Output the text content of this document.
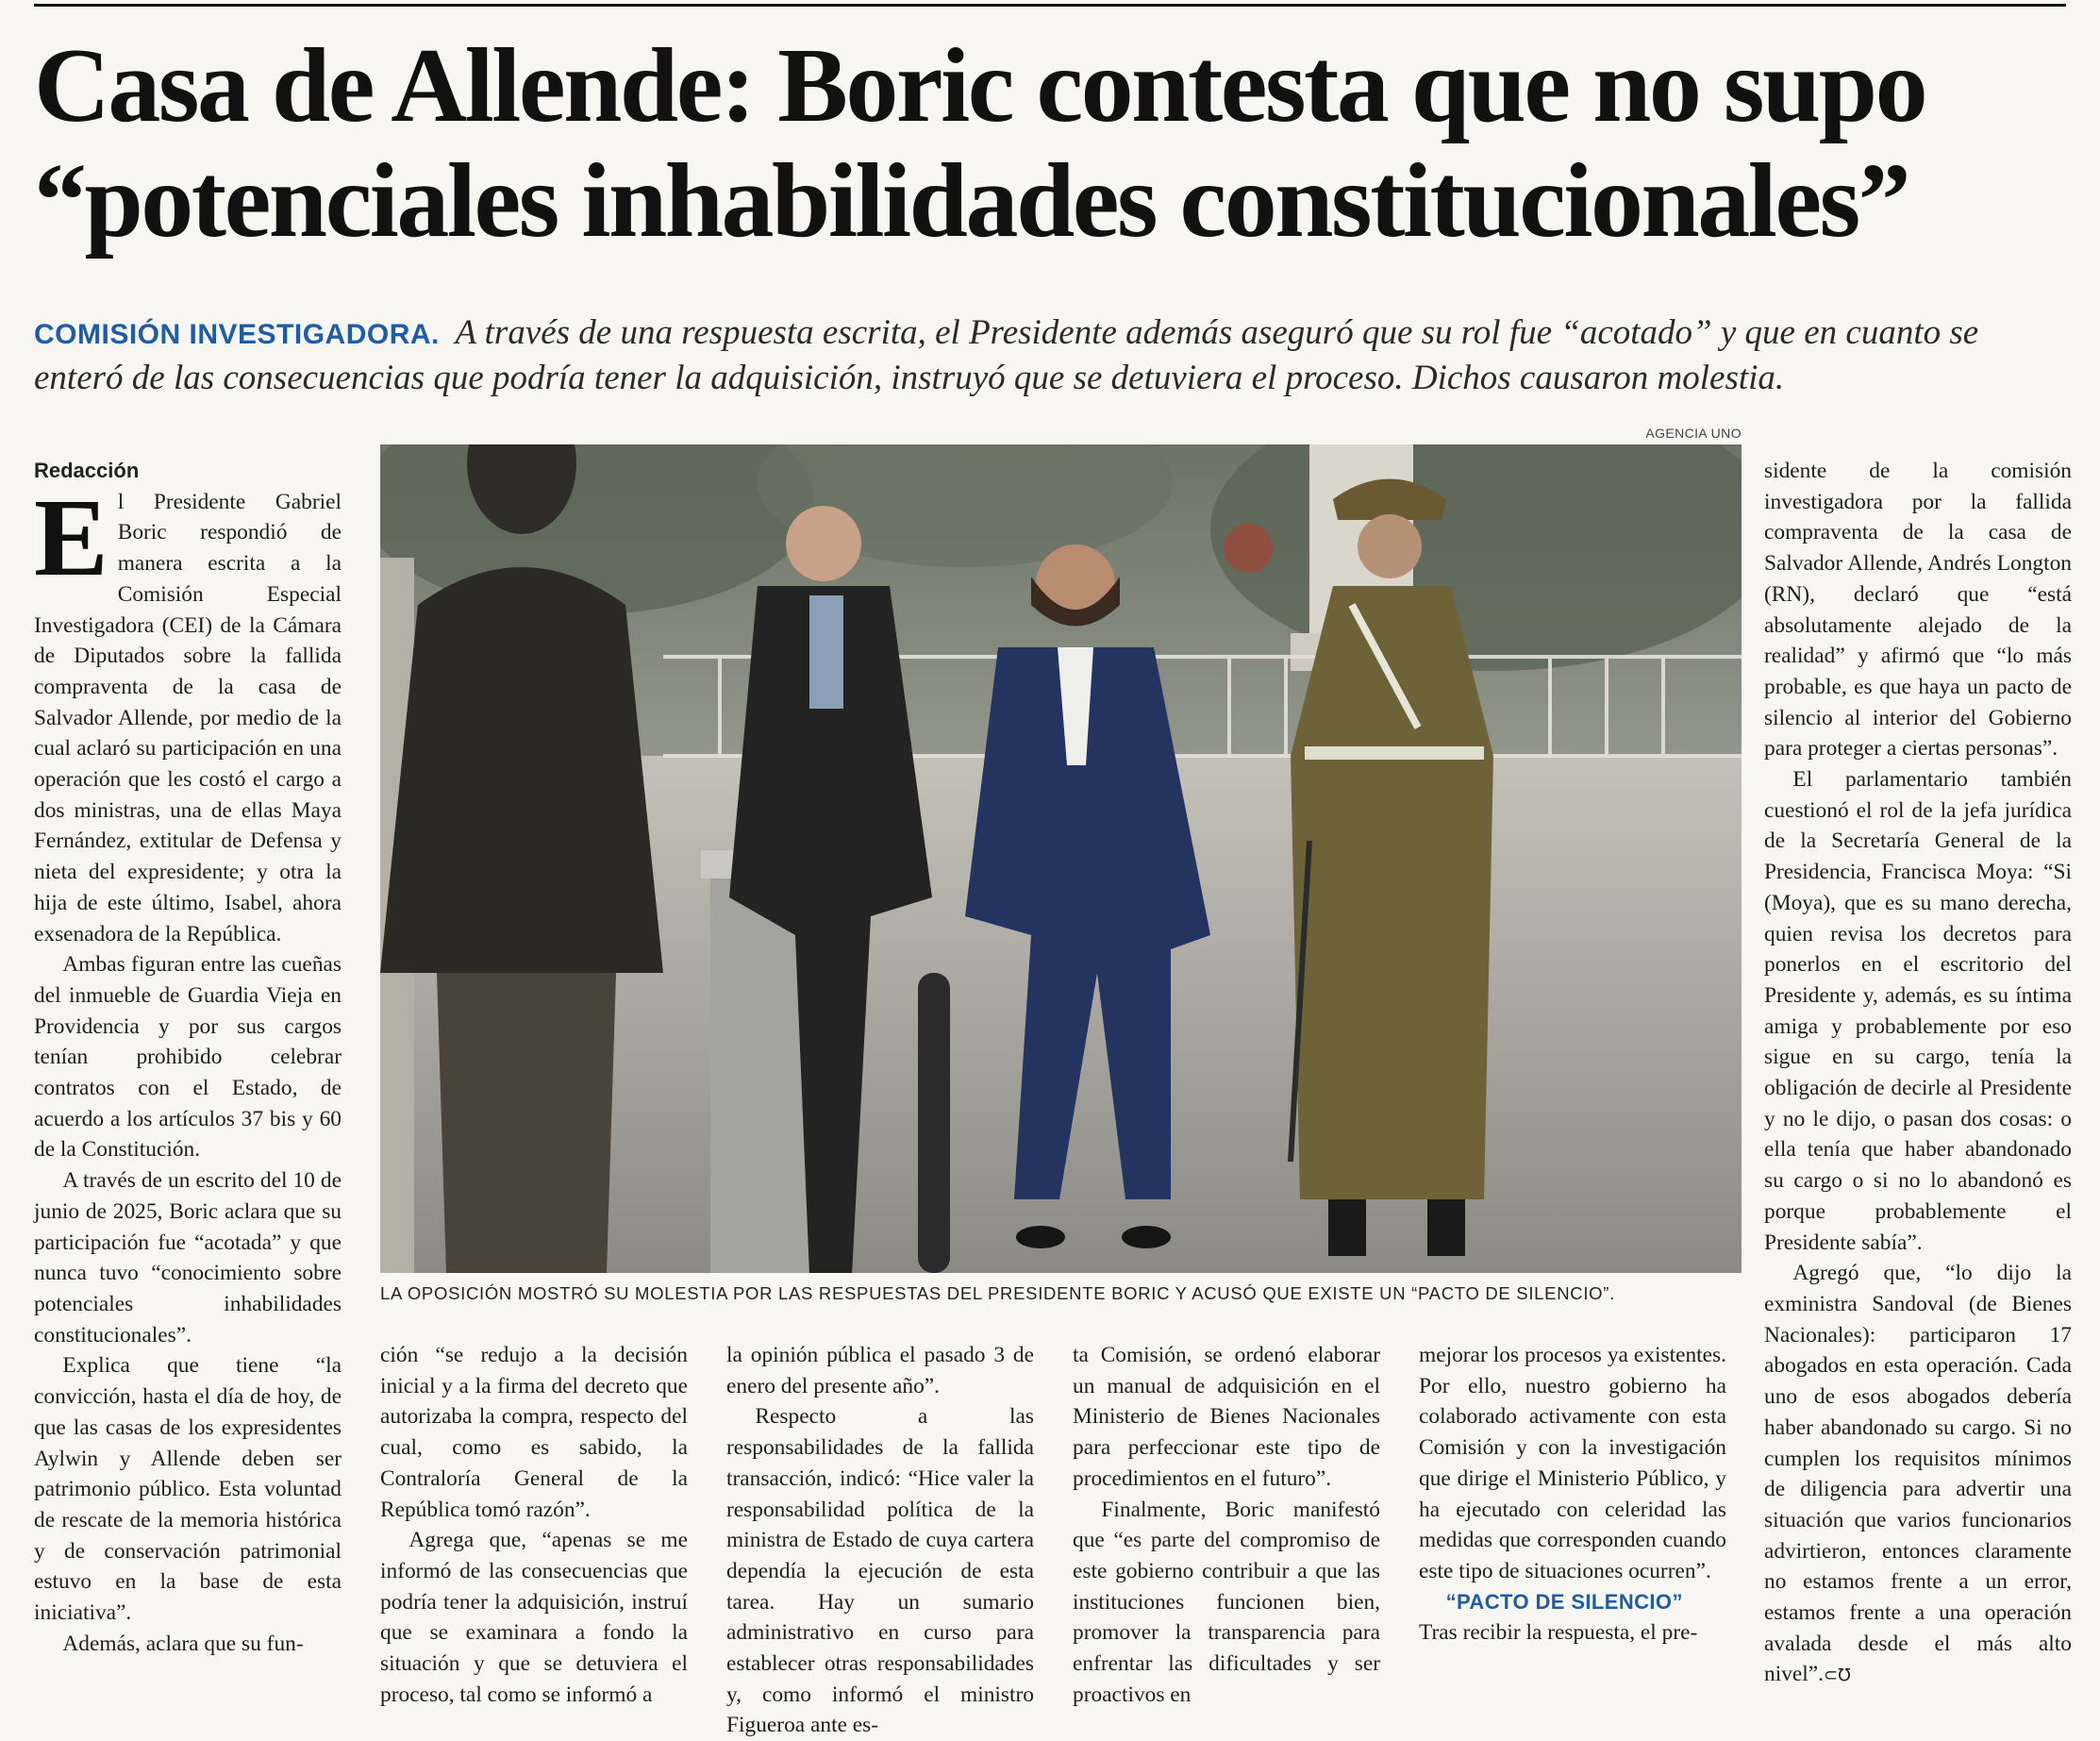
Casa de Allende: Boric contesta que no supo
“potenciales inhabilidades constitucionales”

COMISIÓN INVESTIGADORA. A través de una respuesta escrita, el Presidente además aseguró que su rol fue “acotado” y que en cuanto se enteró de las consecuencias que podría tener la adquisición, instruyó que se detuviera el proceso. Dichos causaron molestia.

Redacción

El Presidente Gabriel Boric respondió de manera escrita a la Comisión Especial Investigadora (CEI) de la Cámara de Diputados sobre la fallida compraventa de la casa de Salvador Allende, por medio de la cual aclaró su participación en una operación que les costó el cargo a dos ministras, una de ellas Maya Fernández, extitular de Defensa y nieta del expresidente; y otra la hija de este último, Isabel, ahora exsenadora de la República.

Ambas figuran entre las cueñas del inmueble de Guardia Vieja en Providencia y por sus cargos tenían prohibido celebrar contratos con el Estado, de acuerdo a los artículos 37 bis y 60 de la Constitución.

A través de un escrito del 10 de junio de 2025, Boric aclara que su participación fue “acotada” y que nunca tuvo “conocimiento sobre potenciales inhabilidades constitucionales”.

Explica que tiene “la convicción, hasta el día de hoy, de que las casas de los expresidentes Aylwin y Allende deben ser patrimonio público. Esta voluntad de rescate de la memoria histórica y de conservación patrimonial estuvo en la base de esta iniciativa”.

Además, aclara que su fun-

AGENCIA UNO
LA OPOSICIÓN MOSTRÓ SU MOLESTIA POR LAS RESPUESTAS DEL PRESIDENTE BORIC Y ACUSÓ QUE EXISTE UN “PACTO DE SILENCIO”.

ción “se redujo a la decisión inicial y a la firma del decreto que autorizaba la compra, respecto del cual, como es sabido, la Contraloría General de la República tomó razón”.

Agrega que, “apenas se me informó de las consecuencias que podría tener la adquisición, instruí que se examinara a fondo la situación y que se detuviera el proceso, tal como se informó a

la opinión pública el pasado 3 de enero del presente año”.

Respecto a las responsabilidades de la fallida transacción, indicó: “Hice valer la responsabilidad política de la ministra de Estado de cuya cartera dependía la ejecución de esta tarea. Hay un sumario administrativo en curso para establecer otras responsabilidades y, como informó el ministro Figueroa ante es-

ta Comisión, se ordenó elaborar un manual de adquisición en el Ministerio de Bienes Nacionales para perfeccionar este tipo de procedimientos en el futuro”.

Finalmente, Boric manifestó que “es parte del compromiso de este gobierno contribuir a que las instituciones funcionen bien, promover la transparencia para enfrentar las dificultades y ser proactivos en

mejorar los procesos ya existentes. Por ello, nuestro gobierno ha colaborado activamente con esta Comisión y con la investigación que dirige el Ministerio Público, y ha ejecutado con celeridad las medidas que corresponden cuando este tipo de situaciones ocurren”.

“PACTO DE SILENCIO”

Tras recibir la respuesta, el pre-

sidente de la comisión investigadora por la fallida compraventa de la casa de Salvador Allende, Andrés Longton (RN), declaró que “está absolutamente alejado de la realidad” y afirmó que “lo más probable, es que haya un pacto de silencio al interior del Gobierno para proteger a ciertas personas”.

El parlamentario también cuestionó el rol de la jefa jurídica de la Secretaría General de la Presidencia, Francisca Moya: “Si (Moya), que es su mano derecha, quien revisa los decretos para ponerlos en el escritorio del Presidente y, además, es su íntima amiga y probablemente por eso sigue en su cargo, tenía la obligación de decirle al Presidente y no le dijo, o pasan dos cosas: o ella tenía que haber abandonado su cargo o si no lo abandonó es porque probablemente el Presidente sabía”.

Agregó que, “lo dijo la exministra Sandoval (de Bienes Nacionales): participaron 17 abogados en esta operación. Cada uno de esos abogados debería haber abandonado su cargo. Si no cumplen los requisitos mínimos de diligencia para advertir una situación que varios funcionarios advirtieron, entonces claramente no estamos frente a un error, estamos frente a una operación avalada desde el más alto nivel”.⊂℧
